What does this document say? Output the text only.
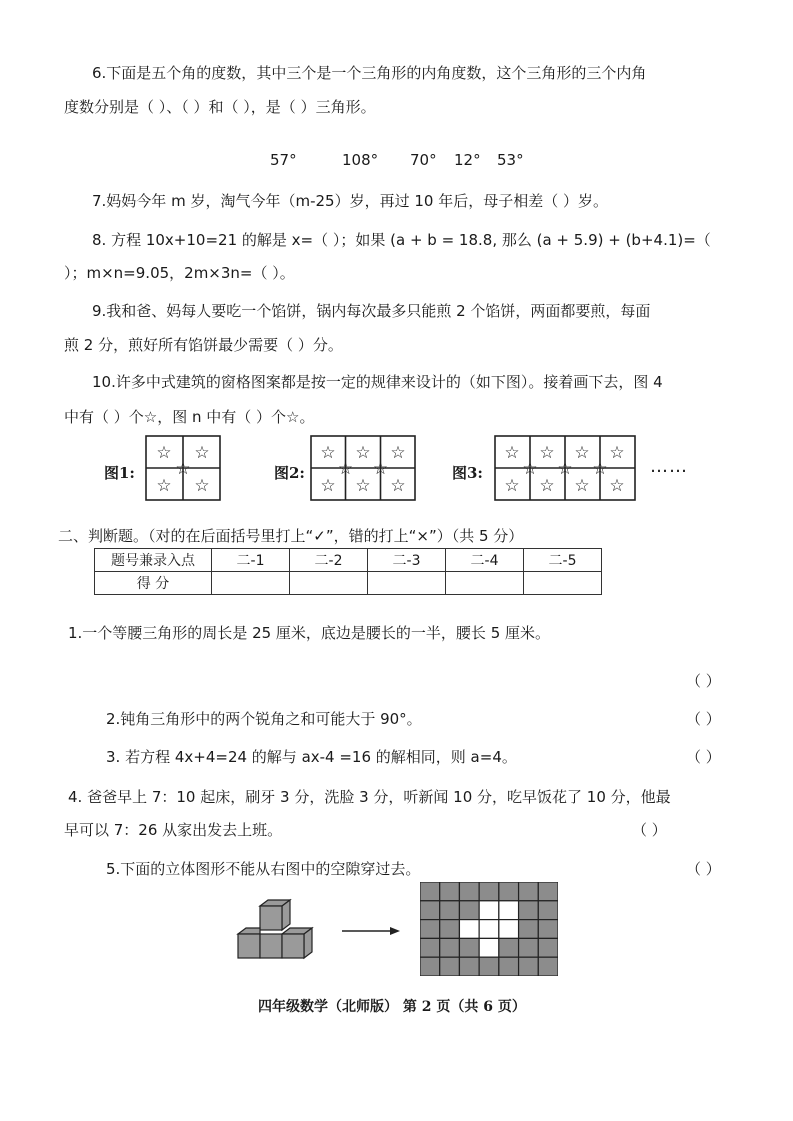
6.下面是五个角的度数，其中三个是一个三角形的内角度数，这个三角形的三个内角
度数分别是（ ）、（ ）和（ ），是（ ）三角形。
57°	108° 70° 12° 53°
7.妈妈今年 m 岁，淘气今年（m-25）岁，再过 10 年后，母子相差（ ）岁。
8. 方程 10x+10=21 的解是 x=（ ）；如果 (a + b = 18.8, 那么 (a + 5.9) + (b+4.1)=（
）；m×n=9.05，2m×3n=（ ）。
9.我和爸、妈每人要吃一个馅饼，锅内每次最多只能煎 2 个馅饼，两面都要煎，每面
煎 2 分，煎好所有馅饼最少需要（ ）分。
10.许多中式建筑的窗格图案都是按一定的规律来设计的（如下图）。接着画下去，图 4
中有（ ）个☆，图 n 中有（ ）个☆。
图1:	图2:	图3:	……
☆ ☆
☆ ☆
☆
☆ ☆ ☆
☆ ☆ ☆
☆ ☆
☆ ☆ ☆ ☆
☆ ☆ ☆ ☆
☆ ☆ ☆
二、判断题。（对的在后面括号里打上“✓”，错的打上“×”）（共 5 分）
题号兼录入点	二-1	二-2	二-3	二-4	二-5
得 分					
1.一个等腰三角形的周长是 25 厘米，底边是腰长的一半，腰长 5 厘米。
（ ）
2.钝角三角形中的两个锐角之和可能大于 90°。	（ ）
3. 若方程 4x+4=24 的解与 ax-4 =16 的解相同，则 a=4。	（ ）
4. 爸爸早上 7：10 起床，刷牙 3 分，洗脸 3 分，听新闻 10 分，吃早饭花了 10 分，他最
早可以 7：26 从家出发去上班。	（ ）
5.下面的立体图形不能从右图中的空隙穿过去。	（ ）
四年级数学（北师版） 第 2 页（共 6 页）
